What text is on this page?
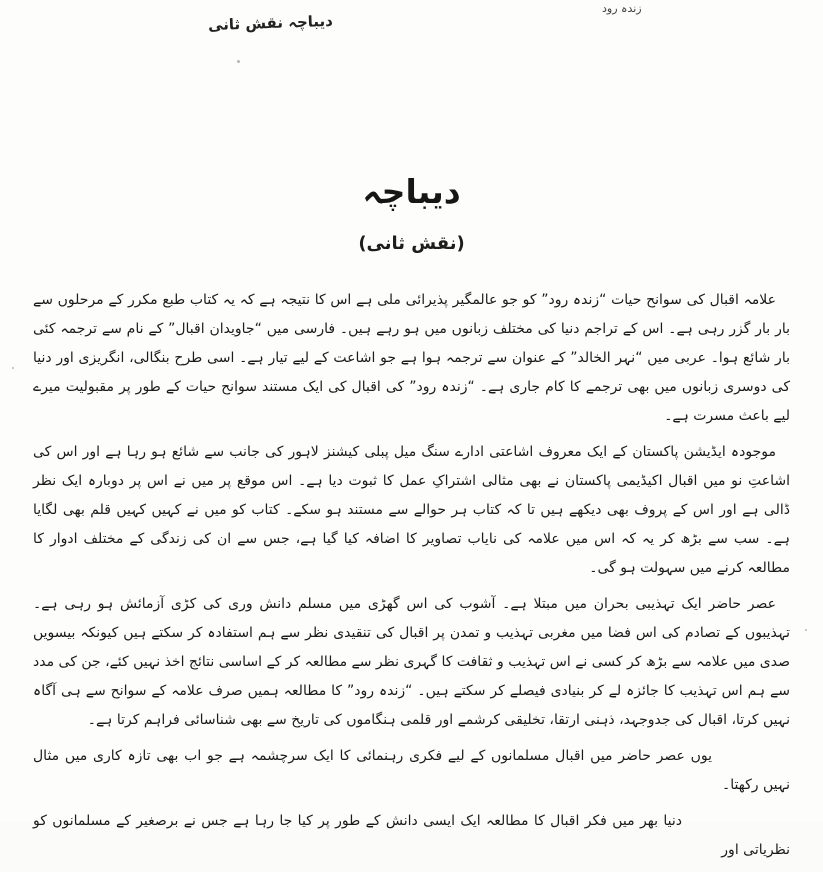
دیباچہ نقش ثانی
زندہ رود
دیباچہ
(نقش ثانی)

علامہ اقبال کی سوانح حیات “زندہ رود” کو جو عالمگیر پذیرائی ملی ہے اس کا نتیجہ ہے کہ یہ کتاب طبع مکرر کے مرحلوں سے بار بار گزر رہی ہے۔ اس کے تراجم دنیا کی مختلف زبانوں میں ہو رہے ہیں۔ فارسی میں “جاویدان اقبال” کے نام سے ترجمہ کئی بار شائع ہوا۔ عربی میں “نہر الخالد” کے عنوان سے ترجمہ ہوا ہے جو اشاعت کے لیے تیار ہے۔ اسی طرح بنگالی، انگریزی اور دنیا کی دوسری زبانوں میں بھی ترجمے کا کام جاری ہے۔ “زندہ رود” کی اقبال کی ایک مستند سوانح حیات کے طور پر مقبولیت میرے لیے باعث مسرت ہے۔

موجودہ ایڈیشن پاکستان کے ایک معروف اشاعتی ادارے سنگ میل پبلی کیشنز لاہور کی جانب سے شائع ہو رہا ہے اور اس کی اشاعتِ نو میں اقبال اکیڈیمی پاکستان نے بھی مثالی اشتراکِ عمل کا ثبوت دیا ہے۔ اس موقع پر میں نے اس پر دوبارہ ایک نظر ڈالی ہے اور اس کے پروف بھی دیکھے ہیں تا کہ کتاب ہر حوالے سے مستند ہو سکے۔ کتاب کو میں نے کہیں کہیں قلم بھی لگایا ہے۔ سب سے بڑھ کر یہ کہ اس میں علامہ کی نایاب تصاویر کا اضافہ کیا گیا ہے، جس سے ان کی زندگی کے مختلف ادوار کا مطالعہ کرنے میں سہولت ہو گی۔

عصر حاضر ایک تہذیبی بحران میں مبتلا ہے۔ آشوب کی اس گھڑی میں مسلم دانش وری کی کڑی آزمائش ہو رہی ہے۔ تہذیبوں کے تصادم کی اس فضا میں مغربی تہذیب و تمدن پر اقبال کی تنقیدی نظر سے ہم استفادہ کر سکتے ہیں کیونکہ بیسویں صدی میں علامہ سے بڑھ کر کسی نے اس تہذیب و ثقافت کا گہری نظر سے مطالعہ کر کے اساسی نتائج اخذ نہیں کئے، جن کی مدد سے ہم اس تہذیب کا جائزہ لے کر بنیادی فیصلے کر سکتے ہیں۔ “زندہ رود” کا مطالعہ ہمیں صرف علامہ کے سوانح سے ہی آگاہ نہیں کرتا، اقبال کی جدوجہد، ذہنی ارتقا، تخلیقی کرشمے اور قلمی ہنگاموں کی تاریخ سے بھی شناسائی فراہم کرتا ہے۔

یوں عصر حاضر میں اقبال مسلمانوں کے لیے فکری رہنمائی کا ایک سرچشمہ ہے جو اب بھی تازہ کاری میں مثال نہیں رکھتا۔

دنیا بھر میں فکر اقبال کا مطالعہ ایک ایسی دانش کے طور پر کیا جا رہا ہے جس نے برصغیر کے مسلمانوں کو نظریاتی اور
